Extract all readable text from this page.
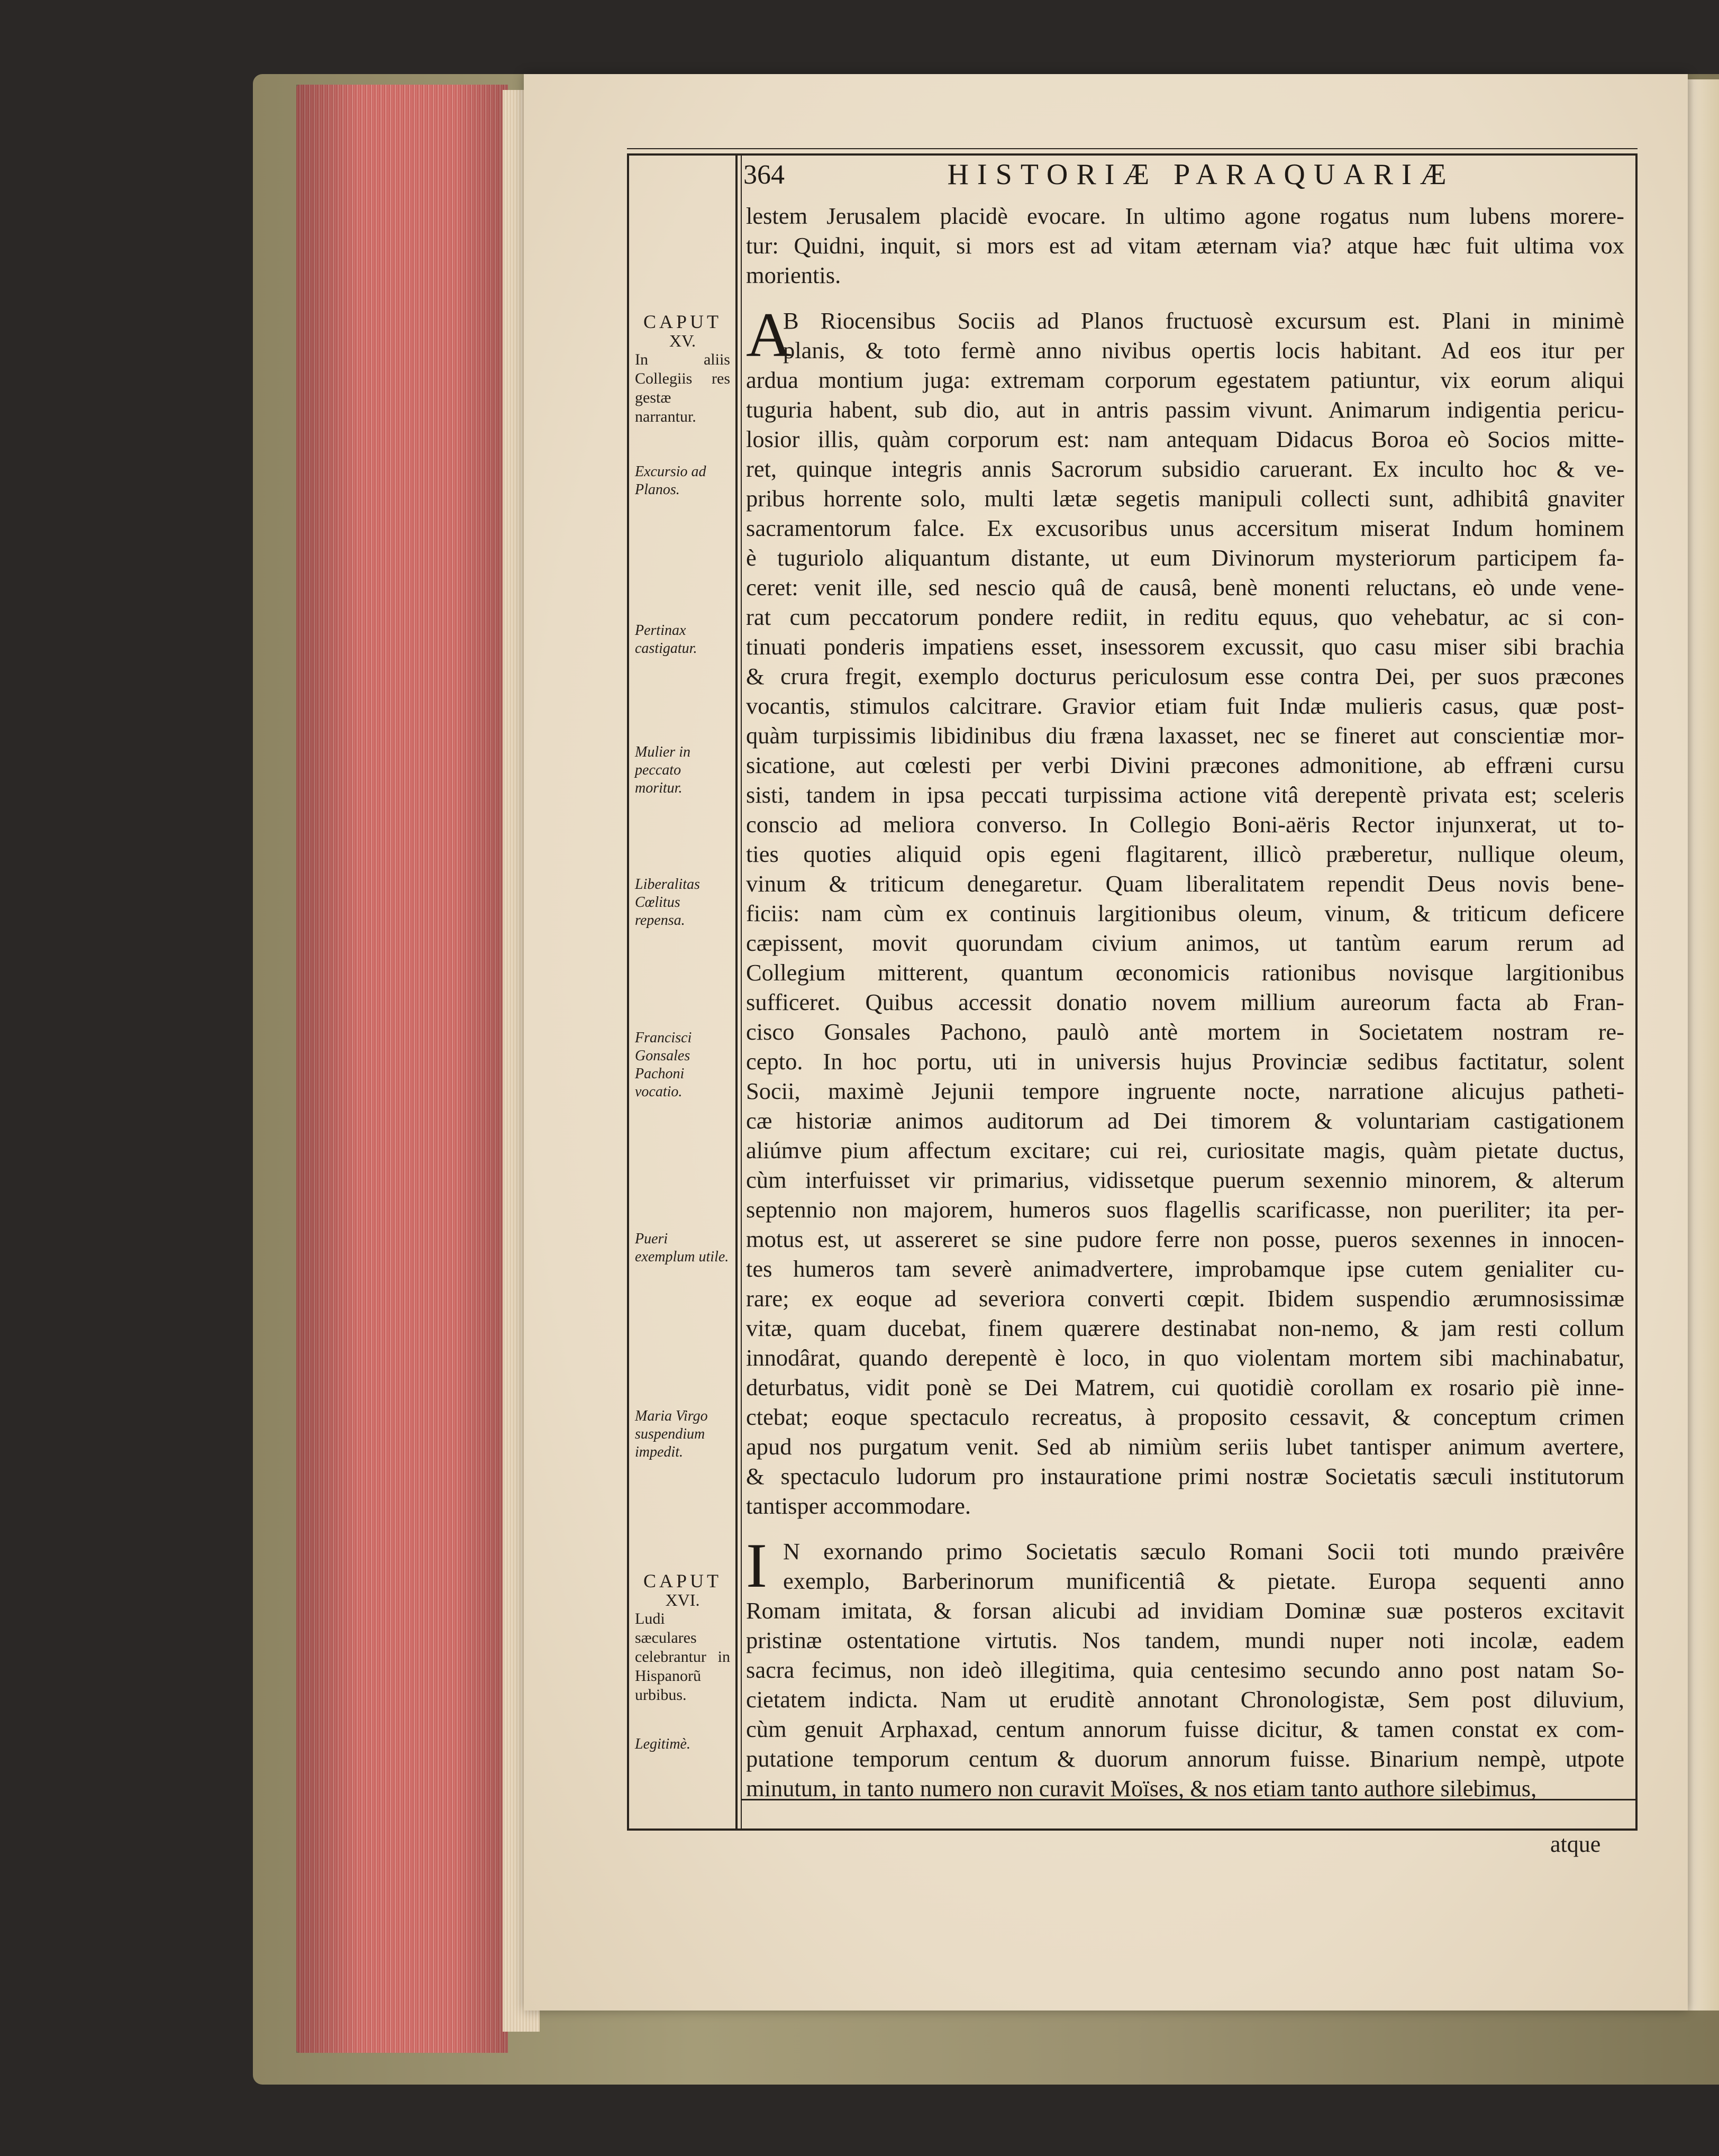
364	HISTORIÆ PARAQUARIÆ
CAPUT
XV.
In aliis Collegiis res gestæ narrantur.
Excursio ad Planos.
Pertinax castigatur.
Mulier in peccato moritur.
Liberalitas Cœlitus repensa.
Francisci Gonsales Pachoni vocatio.
Pueri exemplum utile.
Maria Virgo suspendium impedit.
CAPUT
XVI.
Ludi sæculares celebrantur in Hispanorũ urbibus.
Legitimè.
lestem Jerusalem placidè evocare. In ultimo agone rogatus num lubens morere-
tur: Quidni, inquit, si mors est ad vitam æternam via? atque hæc fuit ultima vox
morientis.
A
B Riocensibus Sociis ad Planos fructuosè excursum est. Plani in minimè
planis, & toto fermè anno nivibus opertis locis habitant. Ad eos itur per
ardua montium juga: extremam corporum egestatem patiuntur, vix eorum aliqui
tuguria habent, sub dio, aut in antris passim vivunt. Animarum indigentia pericu-
losior illis, quàm corporum est: nam antequam Didacus Boroa eò Socios mitte-
ret, quinque integris annis Sacrorum subsidio caruerant. Ex inculto hoc & ve-
pribus horrente solo, multi lætæ segetis manipuli collecti sunt, adhibitâ gnaviter
sacramentorum falce. Ex excusoribus unus accersitum miserat Indum hominem
è tuguriolo aliquantum distante, ut eum Divinorum mysteriorum participem fa-
ceret: venit ille, sed nescio quâ de causâ, benè monenti reluctans, eò unde vene-
rat cum peccatorum pondere rediit, in reditu equus, quo vehebatur, ac si con-
tinuati ponderis impatiens esset, insessorem excussit, quo casu miser sibi brachia
& crura fregit, exemplo docturus periculosum esse contra Dei, per suos præcones
vocantis, stimulos calcitrare. Gravior etiam fuit Indæ mulieris casus, quæ post-
quàm turpissimis libidinibus diu fræna laxasset, nec se fineret aut conscientiæ mor-
sicatione, aut cœlesti per verbi Divini præcones admonitione, ab effræni cursu
sisti, tandem in ipsa peccati turpissima actione vitâ derepentè privata est; sceleris
conscio ad meliora converso. In Collegio Boni-aëris Rector injunxerat, ut to-
ties quoties aliquid opis egeni flagitarent, illicò præberetur, nullique oleum,
vinum & triticum denegaretur. Quam liberalitatem rependit Deus novis bene-
ficiis: nam cùm ex continuis largitionibus oleum, vinum, & triticum deficere
cæpissent, movit quorundam civium animos, ut tantùm earum rerum ad
Collegium mitterent, quantum œconomicis rationibus novisque largitionibus
sufficeret. Quibus accessit donatio novem millium aureorum facta ab Fran-
cisco Gonsales Pachono, paulò antè mortem in Societatem nostram re-
cepto. In hoc portu, uti in universis hujus Provinciæ sedibus factitatur, solent
Socii, maximè Jejunii tempore ingruente nocte, narratione alicujus patheti-
cæ historiæ animos auditorum ad Dei timorem & voluntariam castigationem
aliúmve pium affectum excitare; cui rei, curiositate magis, quàm pietate ductus,
cùm interfuisset vir primarius, vidissetque puerum sexennio minorem, & alterum
septennio non majorem, humeros suos flagellis scarificasse, non pueriliter; ita per-
motus est, ut assereret se sine pudore ferre non posse, pueros sexennes in innocen-
tes humeros tam severè animadvertere, improbamque ipse cutem genialiter cu-
rare; ex eoque ad severiora converti cœpit. Ibidem suspendio ærumnosissimæ
vitæ, quam ducebat, finem quærere destinabat non-nemo, & jam resti collum
innodârat, quando derepentè è loco, in quo violentam mortem sibi machinabatur,
deturbatus, vidit ponè se Dei Matrem, cui quotidiè corollam ex rosario piè inne-
ctebat; eoque spectaculo recreatus, à proposito cessavit, & conceptum crimen
apud nos purgatum venit. Sed ab nimiùm seriis lubet tantisper animum avertere,
& spectaculo ludorum pro instauratione primi nostræ Societatis sæculi institutorum
tantisper accommodare.
I N exornando primo Societatis sæculo Romani Socii toti mundo præivêre
exemplo, Barberinorum munificentiâ & pietate. Europa sequenti anno
Romam imitata, & forsan alicubi ad invidiam Dominæ suæ posteros excitavit
pristinæ ostentatione virtutis. Nos tandem, mundi nuper noti incolæ, eadem
sacra fecimus, non ideò illegitima, quia centesimo secundo anno post natam So-
cietatem indicta. Nam ut eruditè annotant Chronologistæ, Sem post diluvium,
cùm genuit Arphaxad, centum annorum fuisse dicitur, & tamen constat ex com-
putatione temporum centum & duorum annorum fuisse. Binarium nempè, utpote
minutum, in tanto numero non curavit Moïses, & nos etiam tanto authore silebimus,
atque
